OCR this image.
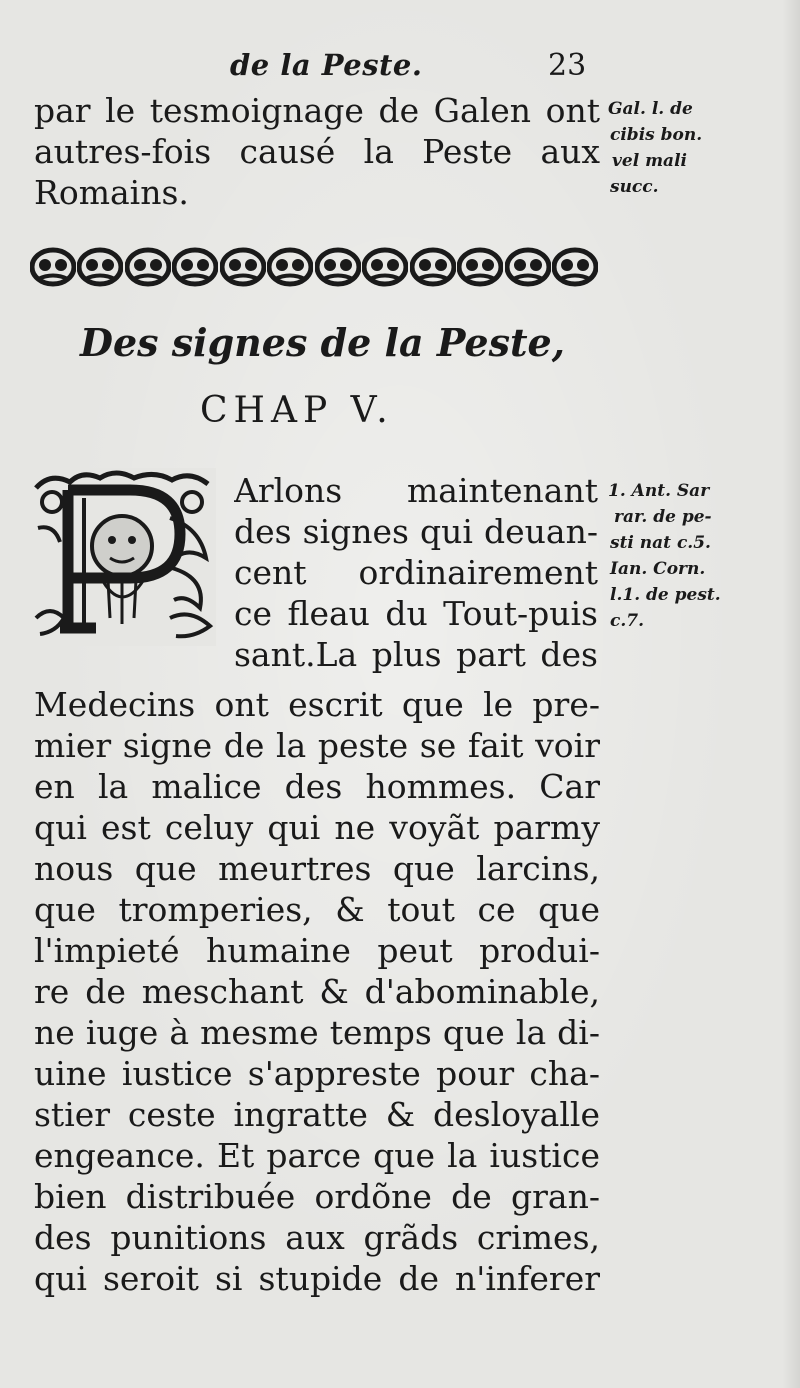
de la Peste.	23
par le tesmoignage de Galen ont
autres-fois causé la Peste aux
Romains.
Gal. l. de
cibis bon.
vel mali
succ.
Des signes de la Peste,
CHAP V.
Arlons maintenant
des signes qui deuan-
cent ordinairement
ce fleau du Tout-puis
sant.La plus part des
1. Ant. Sar
rar. de pe-
sti nat c.5.
Ian. Corn.
l.1. de pest.
c.7.
Medecins ont escrit que le pre-
mier signe de la peste se fait voir
en la malice des hommes. Car
qui est celuy qui ne voyãt parmy
nous que meurtres que larcins,
que tromperies, & tout ce que
l'impieté humaine peut produi-
re de meschant & d'abominable,
ne iuge à mesme temps que la di-
uine iustice s'appreste pour cha-
stier ceste ingratte & desloyalle
engeance. Et parce que la iustice
bien distribuée ordõne de gran-
des punitions aux grãds crimes,
qui seroit si stupide de n'inferer
